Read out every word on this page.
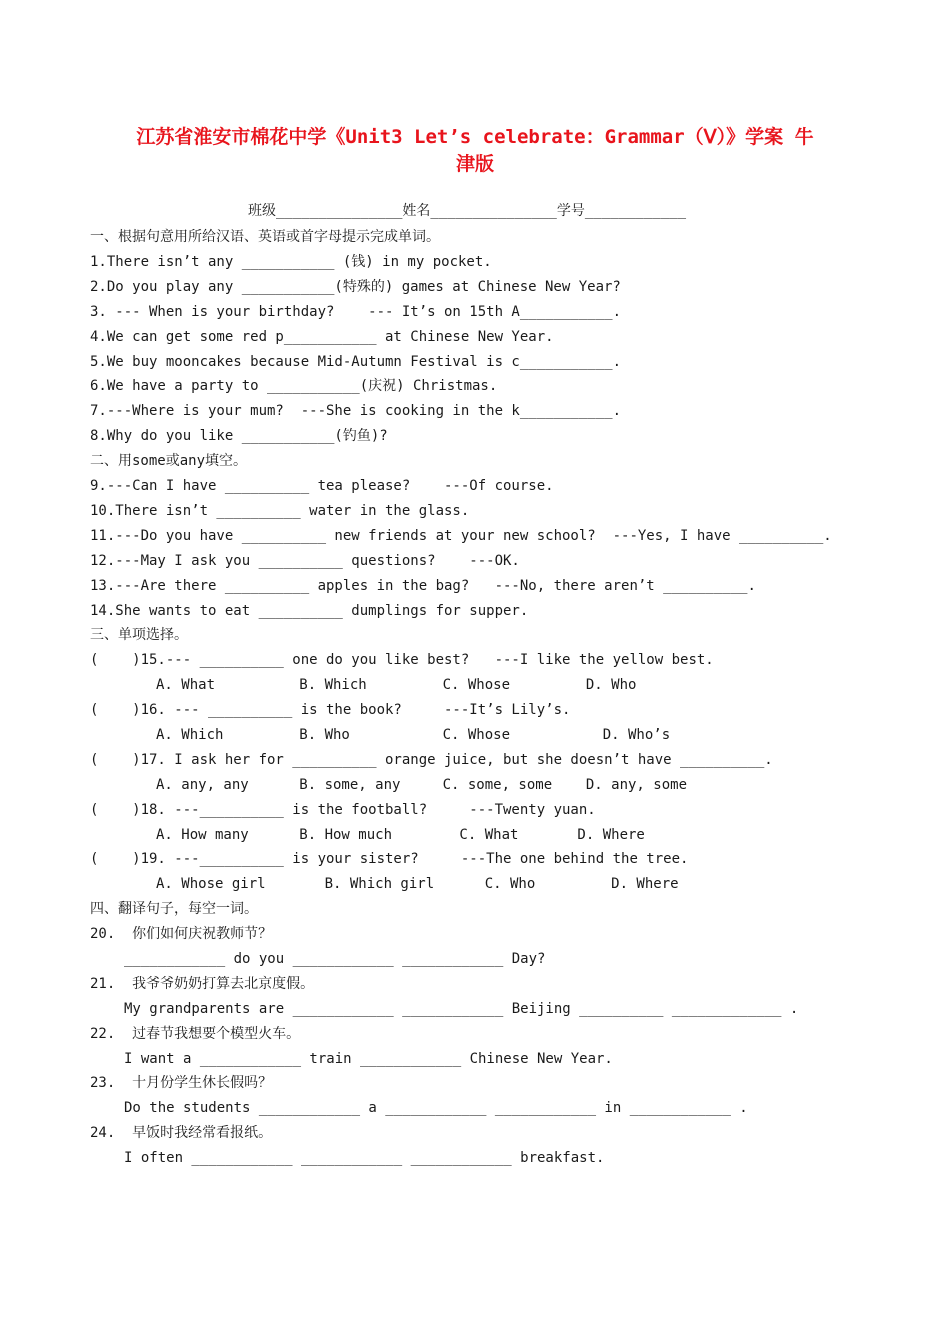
江苏省淮安市棉花中学《Unit3 Let’s celebrate：Grammar（Ⅴ）》学案 牛
津版
班级_______________姓名_______________学号____________
一、根据句意用所给汉语、英语或首字母提示完成单词。
1.There isn’t any ___________ (钱) in my pocket.
2.Do you play any ___________(特殊的) games at Chinese New Year?
3. --- When is your birthday?    --- It’s on 15th A___________.
4.We can get some red p___________ at Chinese New Year.
5.We buy mooncakes because Mid-Autumn Festival is c___________.
6.We have a party to ___________(庆祝) Christmas.
7.---Where is your mum?  ---She is cooking in the k___________.
8.Why do you like ___________(钓鱼)?
二、用some或any填空。
9.---Can I have __________ tea please?    ---Of course.
10.There isn’t __________ water in the glass.
11.---Do you have __________ new friends at your new school?  ---Yes, I have __________.
12.---May I ask you __________ questions?    ---OK.
13.---Are there __________ apples in the bag?   ---No, there aren’t __________.
14.She wants to eat __________ dumplings for supper.
三、单项选择。
(    )15.--- __________ one do you like best?   ---I like the yellow best.
A. What          B. Which         C. Whose         D. Who
(    )16. --- __________ is the book?     ---It’s Lily’s.
A. Which         B. Who           C. Whose           D. Who’s
(    )17. I ask her for __________ orange juice, but she doesn’t have __________.
A. any, any      B. some, any     C. some, some    D. any, some
(    )18. ---__________ is the football?     ---Twenty yuan.
A. How many      B. How much        C. What       D. Where
(    )19. ---__________ is your sister?     ---The one behind the tree.
A. Whose girl       B. Which girl      C. Who         D. Where
四、翻译句子，每空一词。
20.  你们如何庆祝教师节？
____________ do you ____________ ____________ Day?
21.  我爷爷奶奶打算去北京度假。
My grandparents are ____________ ____________ Beijing __________ _____________ .
22.  过春节我想要个模型火车。
I want a ____________ train ____________ Chinese New Year.
23.  十月份学生休长假吗？
Do the students ____________ a ____________ ____________ in ____________ .
24.  早饭时我经常看报纸。
I often ____________ ____________ ____________ breakfast.
